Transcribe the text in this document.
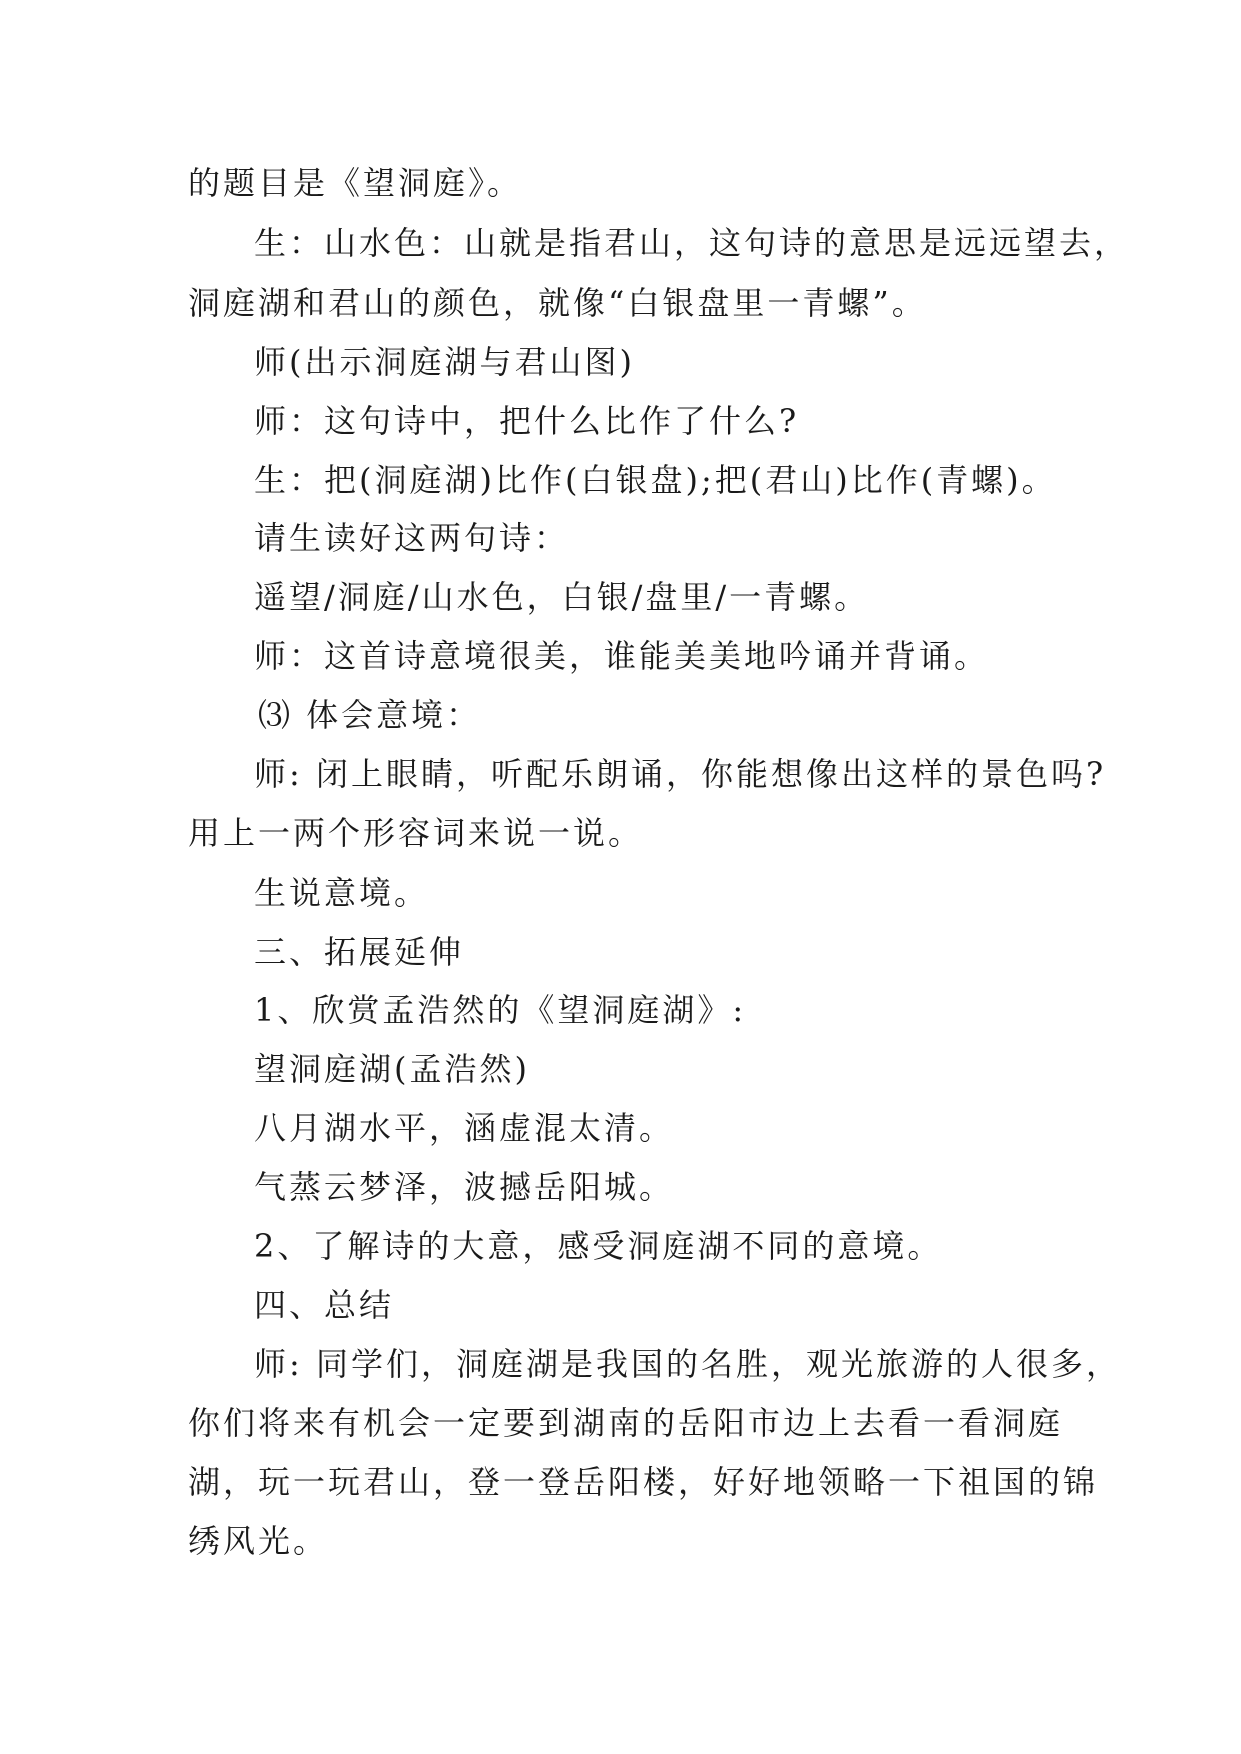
的题目是《望洞庭》。
生：山水色：山就是指君山，这句诗的意思是远远望去，
洞庭湖和君山的颜色，就像“白银盘里一青螺”。
师(出示洞庭湖与君山图)
师：这句诗中，把什么比作了什么?
生：把(洞庭湖)比作(白银盘);把(君山)比作(青螺)。
请生读好这两句诗：
遥望/洞庭/山水色，白银/盘里/一青螺。
师：这首诗意境很美，谁能美美地吟诵并背诵。
⑶ 体会意境：
师: 闭上眼睛，听配乐朗诵，你能想像出这样的景色吗?
用上一两个形容词来说一说。
生说意境。
三、拓展延伸
1、欣赏孟浩然的《望洞庭湖》:
望洞庭湖(孟浩然)
八月湖水平，涵虚混太清。
气蒸云梦泽，波撼岳阳城。
2、了解诗的大意，感受洞庭湖不同的意境。
四、总结
师: 同学们，洞庭湖是我国的名胜，观光旅游的人很多，
你们将来有机会一定要到湖南的岳阳市边上去看一看洞庭
湖，玩一玩君山，登一登岳阳楼，好好地领略一下祖国的锦
绣风光。
